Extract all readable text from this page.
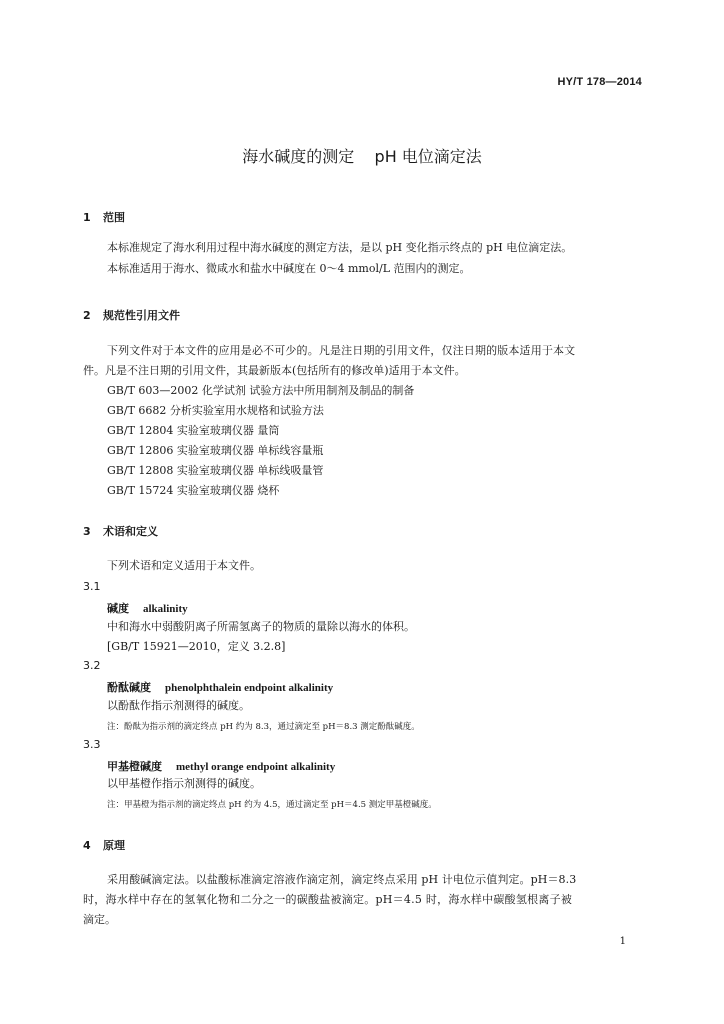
HY/T 178—2014
海水碱度的测定    pH 电位滴定法
1 范围
本标准规定了海水利用过程中海水碱度的测定方法，是以 pH 变化指示终点的 pH 电位滴定法。
本标准适用于海水、微咸水和盐水中碱度在 0～4 mmol/L 范围内的测定。
2 规范性引用文件
下列文件对于本文件的应用是必不可少的。凡是注日期的引用文件，仅注日期的版本适用于本文
件。凡是不注日期的引用文件，其最新版本(包括所有的修改单)适用于本文件。
GB/T 603—2002 化学试剂 试验方法中所用制剂及制品的制备
GB/T 6682 分析实验室用水规格和试验方法
GB/T 12804 实验室玻璃仪器 量筒
GB/T 12806 实验室玻璃仪器 单标线容量瓶
GB/T 12808 实验室玻璃仪器 单标线吸量管
GB/T 15724 实验室玻璃仪器 烧杯
3 术语和定义
下列术语和定义适用于本文件。
3.1
碱度 alkalinity
中和海水中弱酸阴离子所需氢离子的物质的量除以海水的体积。
[GB/T 15921—2010，定义 3.2.8]
3.2
酚酞碱度 phenolphthalein endpoint alkalinity
以酚酞作指示剂测得的碱度。
注：酚酞为指示剂的滴定终点 pH 约为 8.3，通过滴定至 pH＝8.3 测定酚酞碱度。
3.3
甲基橙碱度 methyl orange endpoint alkalinity
以甲基橙作指示剂测得的碱度。
注：甲基橙为指示剂的滴定终点 pH 约为 4.5，通过滴定至 pH＝4.5 测定甲基橙碱度。
4 原理
采用酸碱滴定法。以盐酸标准滴定溶液作滴定剂，滴定终点采用 pH 计电位示值判定。pH＝8.3
时，海水样中存在的氢氧化物和二分之一的碳酸盐被滴定。pH＝4.5 时，海水样中碳酸氢根离子被
滴定。
1
